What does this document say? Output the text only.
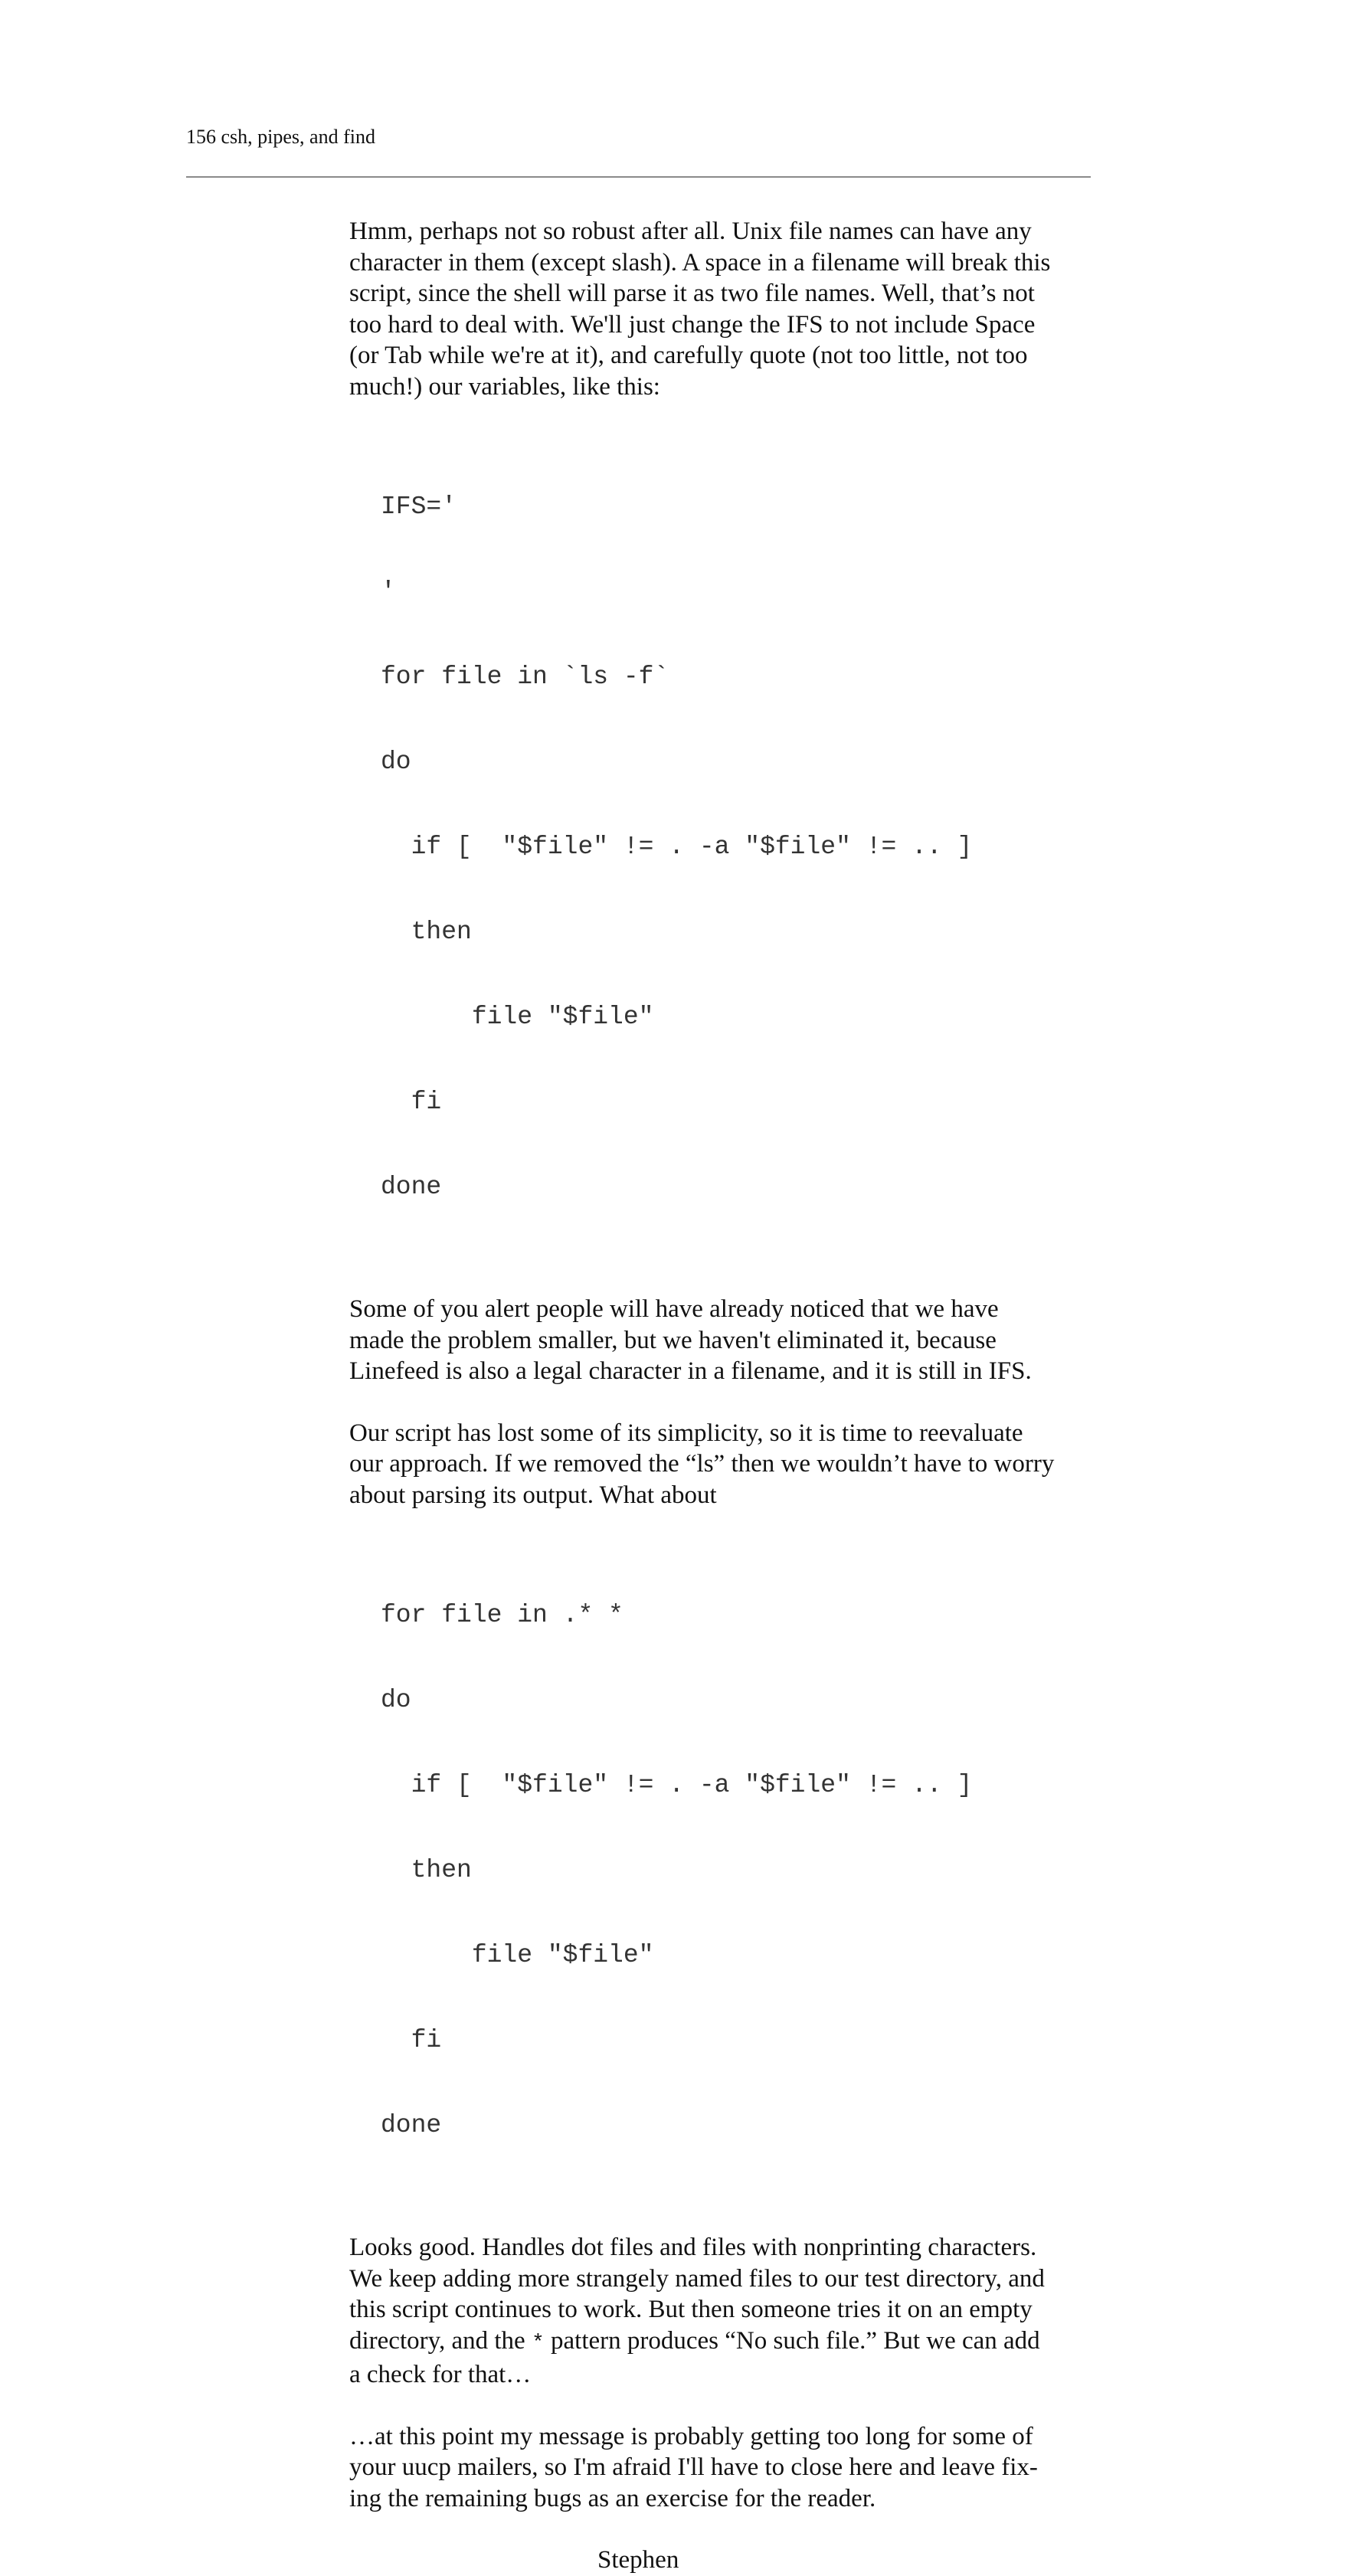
156 csh, pipes, and find
Hmm, perhaps not so robust after all. Unix file names can have any
character in them (except slash). A space in a filename will break this
script, since the shell will parse it as two file names. Well, that’s not
too hard to deal with. We'll just change the IFS to not include Space
(or Tab while we're at it), and carefully quote (not too little, not too
much!) our variables, like this:

IFS='

'

for file in `ls -f`

do

if [  "$file" != . -a "$file" != .. ]

then

file "$file"

fi

done

Some of you alert people will have already noticed that we have
made the problem smaller, but we haven't eliminated it, because
Linefeed is also a legal character in a filename, and it is still in IFS.
Our script has lost some of its simplicity, so it is time to reevaluate
our approach. If we removed the “ls” then we wouldn’t have to worry
about parsing its output. What about

for file in .* *

do

if [  "$file" != . -a "$file" != .. ]

then

file "$file"

fi

done

Looks good. Handles dot files and files with nonprinting characters.
We keep adding more strangely named files to our test directory, and
this script continues to work. But then someone tries it on an empty
directory, and the * pattern produces “No such file.” But we can add
a check for that…
…at this point my message is probably getting too long for some of
your uucp mailers, so I'm afraid I'll have to close here and leave fix-
ing the remaining bugs as an exercise for the reader.
Stephen
